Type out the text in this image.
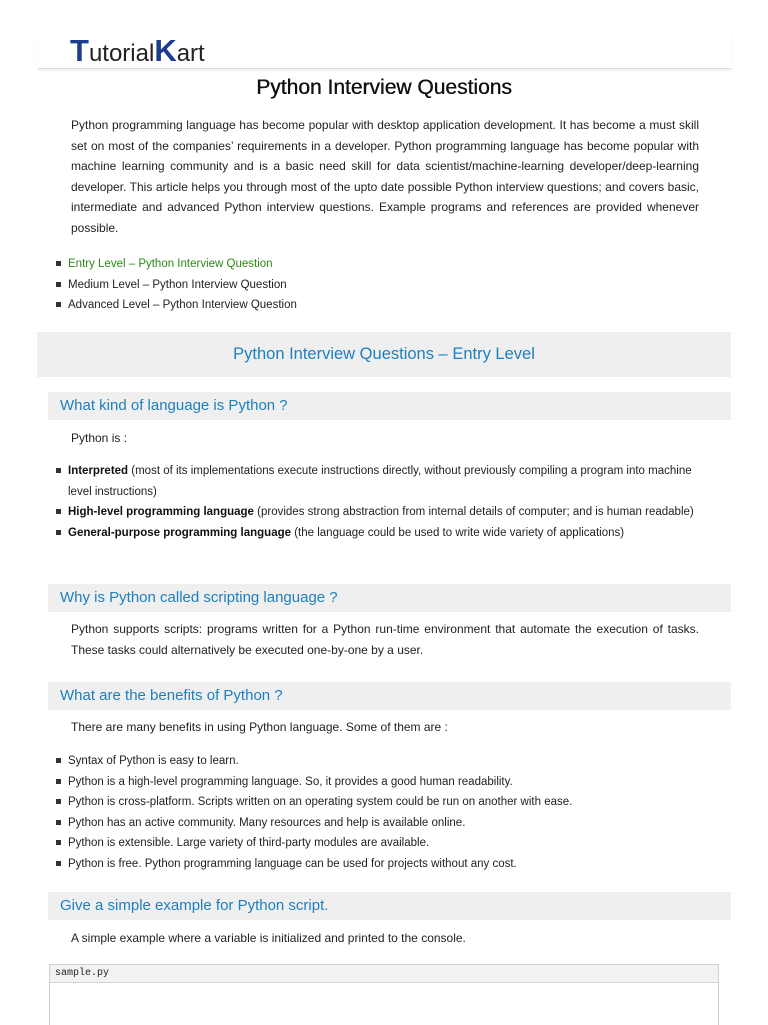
T utorial K art
Python Interview Questions

Python programming language has become popular with desktop application development. It has become a must skill set on most of the companies’ requirements in a developer. Python programming language has become popular with machine learning community and is a basic need skill for data scientist/machine-learning developer/deep-learning developer. This article helps you through most of the upto date possible Python interview questions; and covers basic, intermediate and advanced Python interview questions. Example programs and references are provided whenever possible.

Entry Level – Python Interview Question
Medium Level – Python Interview Question
Advanced Level – Python Interview Question
Python Interview Questions – Entry Level
What kind of language is Python ?

Python is :

Interpreted (most of its implementations execute instructions directly, without previously compiling a program into machine level instructions)
High-level programming language (provides strong abstraction from internal details of computer; and is human readable)
General-purpose programming language (the language could be used to write wide variety of applications)
Why is Python called scripting language ?

Python supports scripts: programs written for a Python run-time environment that automate the execution of tasks. These tasks could alternatively be executed one-by-one by a user.

What are the benefits of Python ?

There are many benefits in using Python language. Some of them are :

Syntax of Python is easy to learn.
Python is a high-level programming language. So, it provides a good human readability.
Python is cross-platform. Scripts written on an operating system could be run on another with ease.
Python has an active community. Many resources and help is available online.
Python is extensible. Large variety of third-party modules are available.
Python is free. Python programming language can be used for projects without any cost.
Give a simple example for Python script.

A simple example where a variable is initialized and printed to the console.

sample.py
